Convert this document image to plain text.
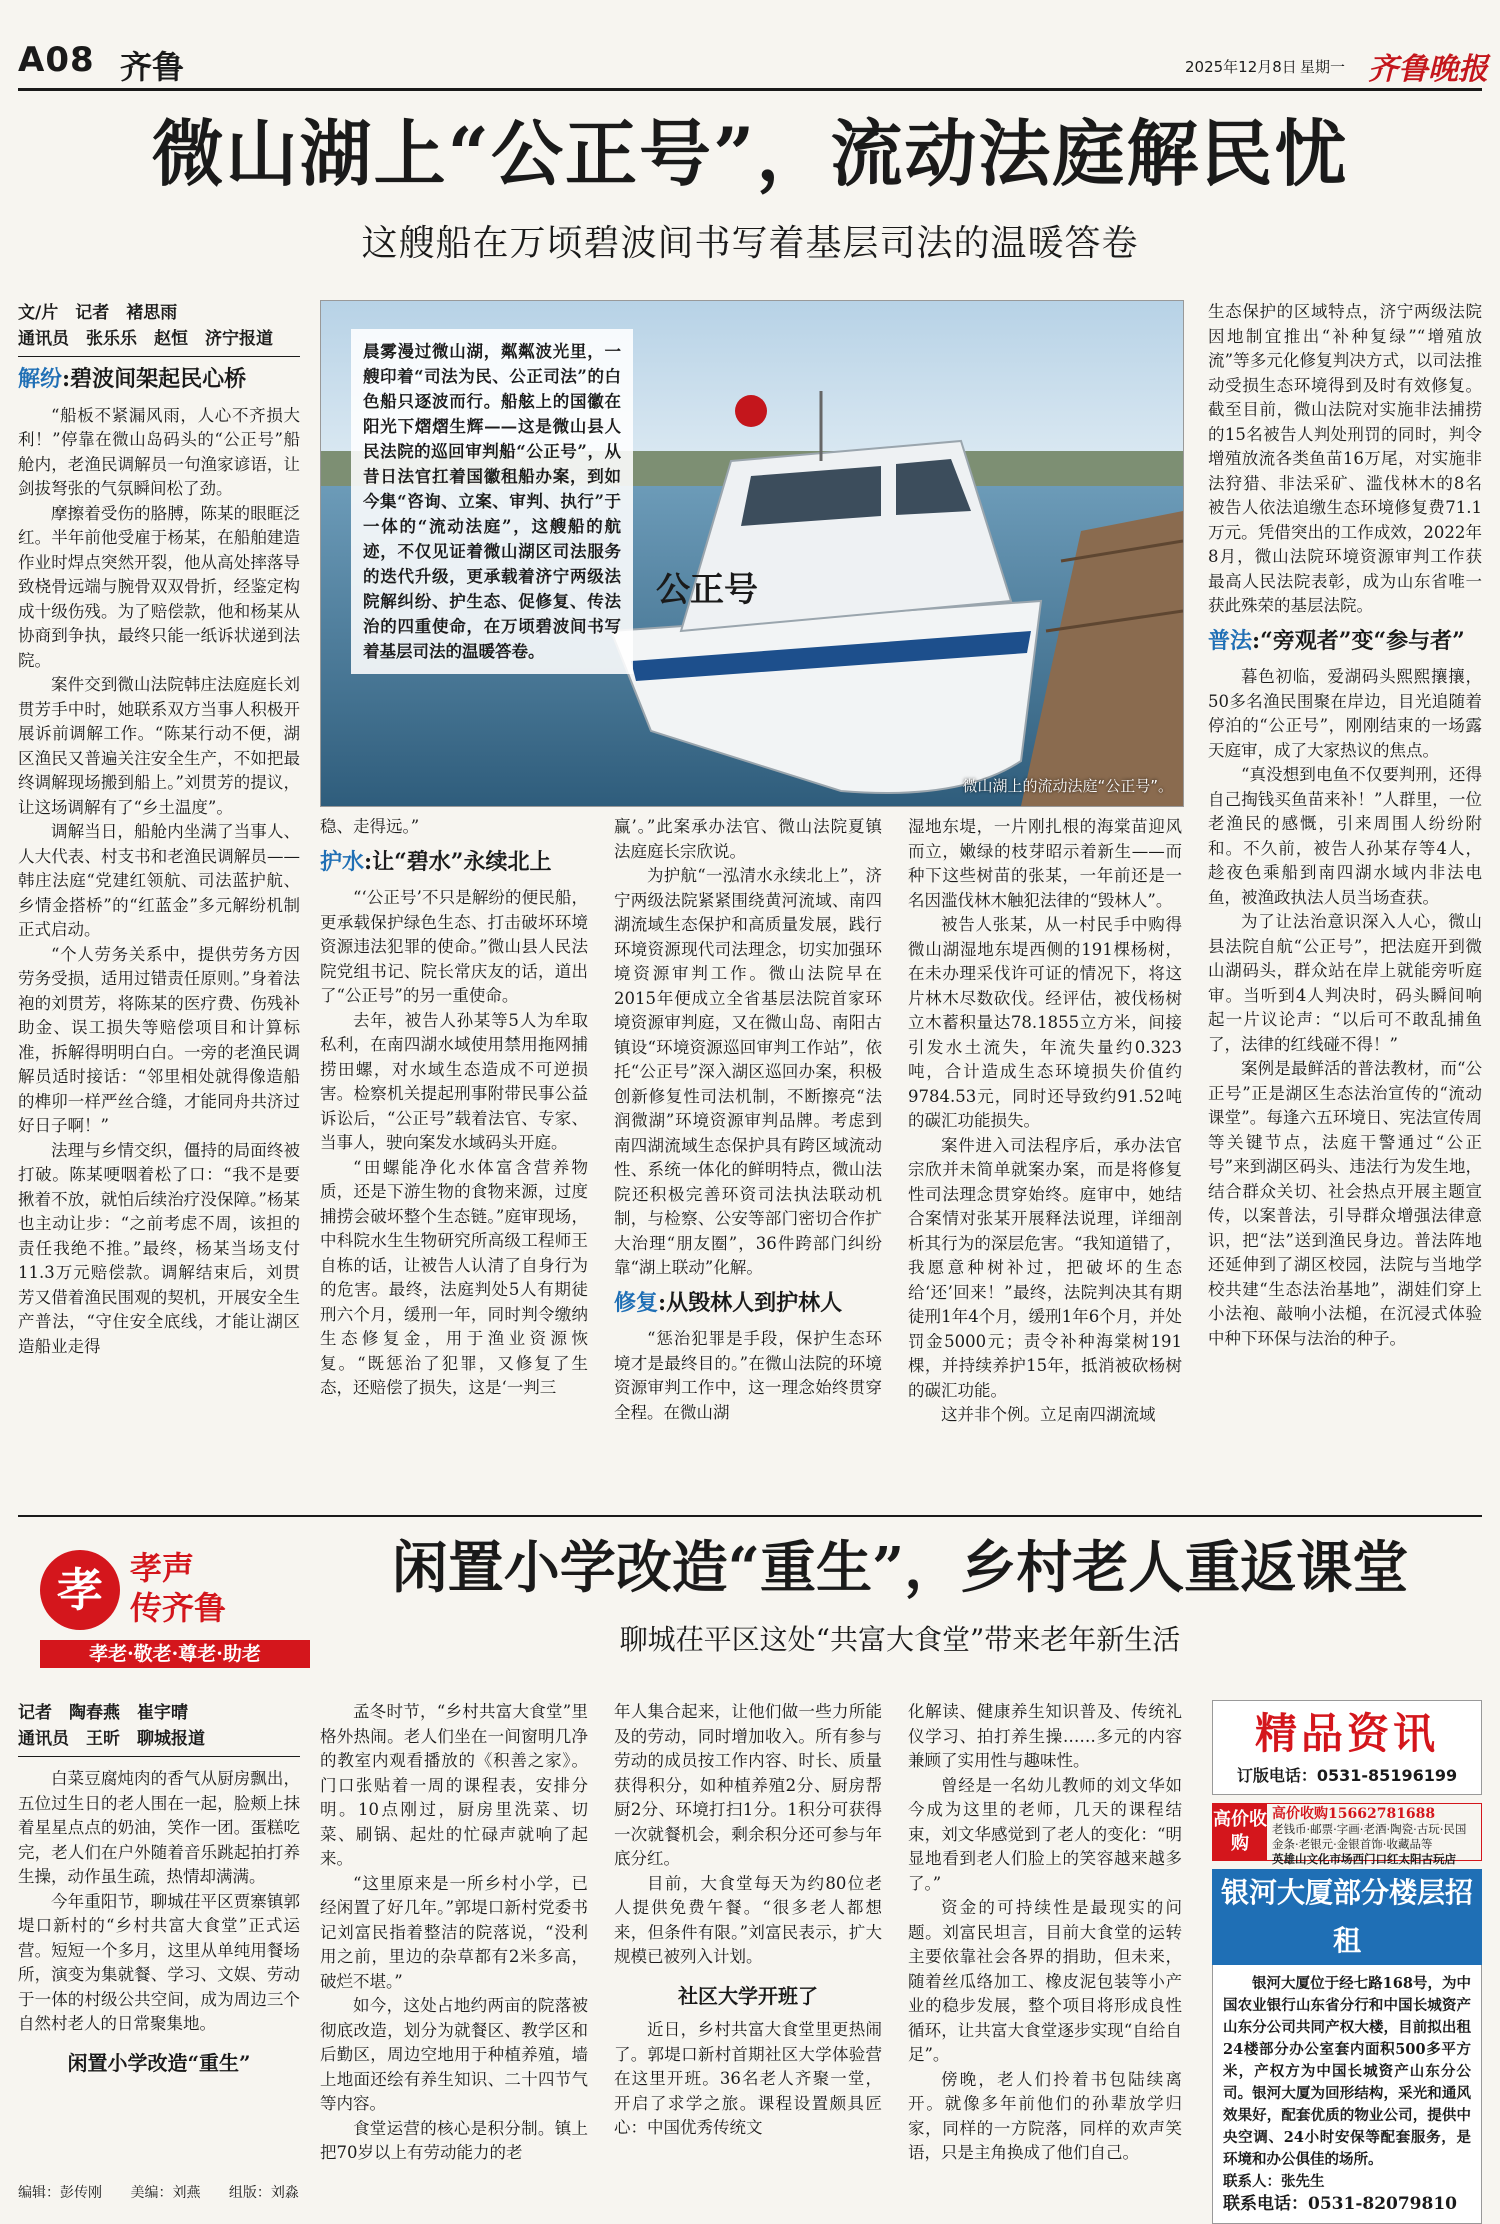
A08 齐鲁	2025年12月8日 星期一 齐鲁晚报
微山湖上“公正号”，流动法庭解民忧
这艘船在万顷碧波间书写着基层司法的温暖答卷
文/片　记者　褚思雨
通讯员　张乐乐　赵恒　济宁报道
解纷:碧波间架起民心桥

“船板不紧漏风雨，人心不齐损大利！”停靠在微山岛码头的“公正号”船舱内，老渔民调解员一句渔家谚语，让剑拔弩张的气氛瞬间松了劲。

摩擦着受伤的胳膊，陈某的眼眶泛红。半年前他受雇于杨某，在船舶建造作业时焊点突然开裂，他从高处摔落导致桡骨远端与腕骨双双骨折，经鉴定构成十级伤残。为了赔偿款，他和杨某从协商到争执，最终只能一纸诉状递到法院。

案件交到微山法院韩庄法庭庭长刘贯芳手中时，她联系双方当事人积极开展诉前调解工作。“陈某行动不便，湖区渔民又普遍关注安全生产，不如把最终调解现场搬到船上。”刘贯芳的提议，让这场调解有了“乡土温度”。

调解当日，船舱内坐满了当事人、人大代表、村支书和老渔民调解员——韩庄法庭“党建红领航、司法蓝护航、乡情金搭桥”的“红蓝金”多元解纷机制正式启动。

“个人劳务关系中，提供劳务方因劳务受损，适用过错责任原则。”身着法袍的刘贯芳，将陈某的医疗费、伤残补助金、误工损失等赔偿项目和计算标准，拆解得明明白白。一旁的老渔民调解员适时接话：“邻里相处就得像造船的榫卯一样严丝合缝，才能同舟共济过好日子啊！”

法理与乡情交织，僵持的局面终被打破。陈某哽咽着松了口：“我不是要揪着不放，就怕后续治疗没保障。”杨某也主动让步：“之前考虑不周，该担的责任我绝不推。”最终，杨某当场支付11.3万元赔偿款。调解结束后，刘贯芳又借着渔民围观的契机，开展安全生产普法，“守住安全底线，才能让湖区造船业走得

公正号
晨雾漫过微山湖，粼粼波光里，一艘印着“司法为民、公正司法”的白色船只逐波而行。船舷上的国徽在阳光下熠熠生辉——这是微山县人民法院的巡回审判船“公正号”，从昔日法官扛着国徽租船办案，到如今集“咨询、立案、审判、执行”于一体的“流动法庭”，这艘船的航迹，不仅见证着微山湖区司法服务的迭代升级，更承载着济宁两级法院解纠纷、护生态、促修复、传法治的四重使命，在万顷碧波间书写着基层司法的温暖答卷。
微山湖上的流动法庭“公正号”。

稳、走得远。”

护水:让“碧水”永续北上

“‘公正号’不只是解纷的便民船，更承载保护绿色生态、打击破坏环境资源违法犯罪的使命。”微山县人民法院党组书记、院长常庆友的话，道出了“公正号”的另一重使命。

去年，被告人孙某等5人为牟取私利，在南四湖水域使用禁用拖网捕捞田螺，对水域生态造成不可逆损害。检察机关提起刑事附带民事公益诉讼后，“公正号”载着法官、专家、当事人，驶向案发水域码头开庭。

“田螺能净化水体富含营养物质，还是下游生物的食物来源，过度捕捞会破坏整个生态链。”庭审现场，中科院水生生物研究所高级工程师王自栋的话，让被告人认清了自身行为的危害。最终，法庭判处5人有期徒刑六个月，缓刑一年，同时判令缴纳生态修复金，用于渔业资源恢复。“既惩治了犯罪，又修复了生态，还赔偿了损失，这是‘一判三

赢’。”此案承办法官、微山法院夏镇法庭庭长宗欣说。

为护航“一泓清水永续北上”，济宁两级法院紧紧围绕黄河流域、南四湖流域生态保护和高质量发展，践行环境资源现代司法理念，切实加强环境资源审判工作。微山法院早在2015年便成立全省基层法院首家环境资源审判庭，又在微山岛、南阳古镇设“环境资源巡回审判工作站”，依托“公正号”深入湖区巡回办案，积极创新修复性司法机制，不断擦亮“法润微湖”环境资源审判品牌。考虑到南四湖流域生态保护具有跨区域流动性、系统一体化的鲜明特点，微山法院还积极完善环资司法执法联动机制，与检察、公安等部门密切合作扩大治理“朋友圈”，36件跨部门纠纷靠“湖上联动”化解。

修复:从毁林人到护林人

“惩治犯罪是手段，保护生态环境才是最终目的。”在微山法院的环境资源审判工作中，这一理念始终贯穿全程。在微山湖

湿地东堤，一片刚扎根的海棠苗迎风而立，嫩绿的枝芽昭示着新生——而种下这些树苗的张某，一年前还是一名因滥伐林木触犯法律的“毁林人”。

被告人张某，从一村民手中购得微山湖湿地东堤西侧的191棵杨树，在未办理采伐许可证的情况下，将这片林木尽数砍伐。经评估，被伐杨树立木蓄积量达78.1855立方米，间接引发水土流失，年流失量约0.323吨，合计造成生态环境损失价值约9784.53元，同时还导致约91.52吨的碳汇功能损失。

案件进入司法程序后，承办法官宗欣并未简单就案办案，而是将修复性司法理念贯穿始终。庭审中，她结合案情对张某开展释法说理，详细剖析其行为的深层危害。“我知道错了，我愿意种树补过，把破坏的生态给‘还’回来！”最终，法院判决其有期徒刑1年4个月，缓刑1年6个月，并处罚金5000元；责令补种海棠树191棵，并持续养护15年，抵消被砍杨树的碳汇功能。

这并非个例。立足南四湖流域

生态保护的区域特点，济宁两级法院因地制宜推出“补种复绿”“增殖放流”等多元化修复判决方式，以司法推动受损生态环境得到及时有效修复。截至目前，微山法院对实施非法捕捞的15名被告人判处刑罚的同时，判令增殖放流各类鱼苗16万尾，对实施非法狩猎、非法采矿、滥伐林木的8名被告人依法追缴生态环境修复费71.1万元。凭借突出的工作成效，2022年8月，微山法院环境资源审判工作获最高人民法院表彰，成为山东省唯一获此殊荣的基层法院。

普法:“旁观者”变“参与者”

暮色初临，爱湖码头熙熙攘攘，50多名渔民围聚在岸边，目光追随着停泊的“公正号”，刚刚结束的一场露天庭审，成了大家热议的焦点。

“真没想到电鱼不仅要判刑，还得自己掏钱买鱼苗来补！”人群里，一位老渔民的感慨，引来周围人纷纷附和。不久前，被告人孙某存等4人，趁夜色乘船到南四湖水域内非法电鱼，被渔政执法人员当场查获。

为了让法治意识深入人心，微山县法院自航“公正号”，把法庭开到微山湖码头，群众站在岸上就能旁听庭审。当听到4人判决时，码头瞬间响起一片议论声：“以后可不敢乱捕鱼了，法律的红线碰不得！”

案例是最鲜活的普法教材，而“公正号”正是湖区生态法治宣传的“流动课堂”。每逢六五环境日、宪法宣传周等关键节点，法庭干警通过“公正号”来到湖区码头、违法行为发生地，结合群众关切、社会热点开展主题宣传，以案普法，引导群众增强法律意识，把“法”送到渔民身边。普法阵地还延伸到了湖区校园，法院与当地学校共建“生态法治基地”，湖娃们穿上小法袍、敲响小法槌，在沉浸式体验中种下环保与法治的种子。

孝 孝声
传齐鲁
孝老·敬老·尊老·助老
闲置小学改造“重生”，乡村老人重返课堂
聊城茌平区这处“共富大食堂”带来老年新生活
记者　陶春燕　崔宇晴
通讯员　王昕　聊城报道

白菜豆腐炖肉的香气从厨房飘出，五位过生日的老人围在一起，脸颊上抹着星星点点的奶油，笑作一团。蛋糕吃完，老人们在户外随着音乐跳起拍打养生操，动作虽生疏，热情却满满。

今年重阳节，聊城茌平区贾寨镇郭堤口新村的“乡村共富大食堂”正式运营。短短一个多月，这里从单纯用餐场所，演变为集就餐、学习、文娱、劳动于一体的村级公共空间，成为周边三个自然村老人的日常聚集地。

闲置小学改造“重生”

孟冬时节，“乡村共富大食堂”里格外热闹。老人们坐在一间窗明几净的教室内观看播放的《积善之家》。门口张贴着一周的课程表，安排分明。10点刚过，厨房里洗菜、切菜、刷锅、起灶的忙碌声就响了起来。

“这里原来是一所乡村小学，已经闲置了好几年。”郭堤口新村党委书记刘富民指着整洁的院落说，“没利用之前，里边的杂草都有2米多高，破烂不堪。”

如今，这处占地约两亩的院落被彻底改造，划分为就餐区、教学区和后勤区，周边空地用于种植养殖，墙上地面还绘有养生知识、二十四节气等内容。

食堂运营的核心是积分制。镇上把70岁以上有劳动能力的老

年人集合起来，让他们做一些力所能及的劳动，同时增加收入。所有参与劳动的成员按工作内容、时长、质量获得积分，如种植养殖2分、厨房帮厨2分、环境打扫1分。1积分可获得一次就餐机会，剩余积分还可参与年底分红。

目前，大食堂每天为约80位老人提供免费午餐。“很多老人都想来，但条件有限。”刘富民表示，扩大规模已被列入计划。

社区大学开班了

近日，乡村共富大食堂里更热闹了。郭堤口新村首期社区大学体验营在这里开班。36名老人齐聚一堂，开启了求学之旅。课程设置颇具匠心：中国优秀传统文

化解读、健康养生知识普及、传统礼仪学习、拍打养生操……多元的内容兼顾了实用性与趣味性。

曾经是一名幼儿教师的刘文华如今成为这里的老师，几天的课程结束，刘文华感觉到了老人的变化：“明显地看到老人们脸上的笑容越来越多了。”

资金的可持续性是最现实的问题。刘富民坦言，目前大食堂的运转主要依靠社会各界的捐助，但未来，随着丝瓜络加工、橡皮泥包装等小产业的稳步发展，整个项目将形成良性循环，让共富大食堂逐步实现“自给自足”。

傍晚，老人们拎着书包陆续离开。就像多年前他们的孙辈放学归家，同样的一方院落，同样的欢声笑语，只是主角换成了他们自己。

精品资讯
订版电话：0531-85196199
高价收购
高价收购15662781688
老钱币·邮票·字画·老酒·陶瓷·古玩·民国金条·老银元·金银首饰·收藏品等
英雄山文化市场西门口红太阳古玩店
银河大厦部分楼层招租

银河大厦位于经七路168号，为中国农业银行山东省分行和中国长城资产山东分公司共同产权大楼，目前拟出租24楼部分办公室套内面积500多平方米，产权方为中国长城资产山东分公司。银河大厦为回形结构，采光和通风效果好，配套优质的物业公司，提供中央空调、24小时安保等配套服务，是环境和办公俱佳的场所。

联系人：张先生
联系电话：0531-82079810
编辑：彭传刚 美编：刘燕 组版：刘淼
